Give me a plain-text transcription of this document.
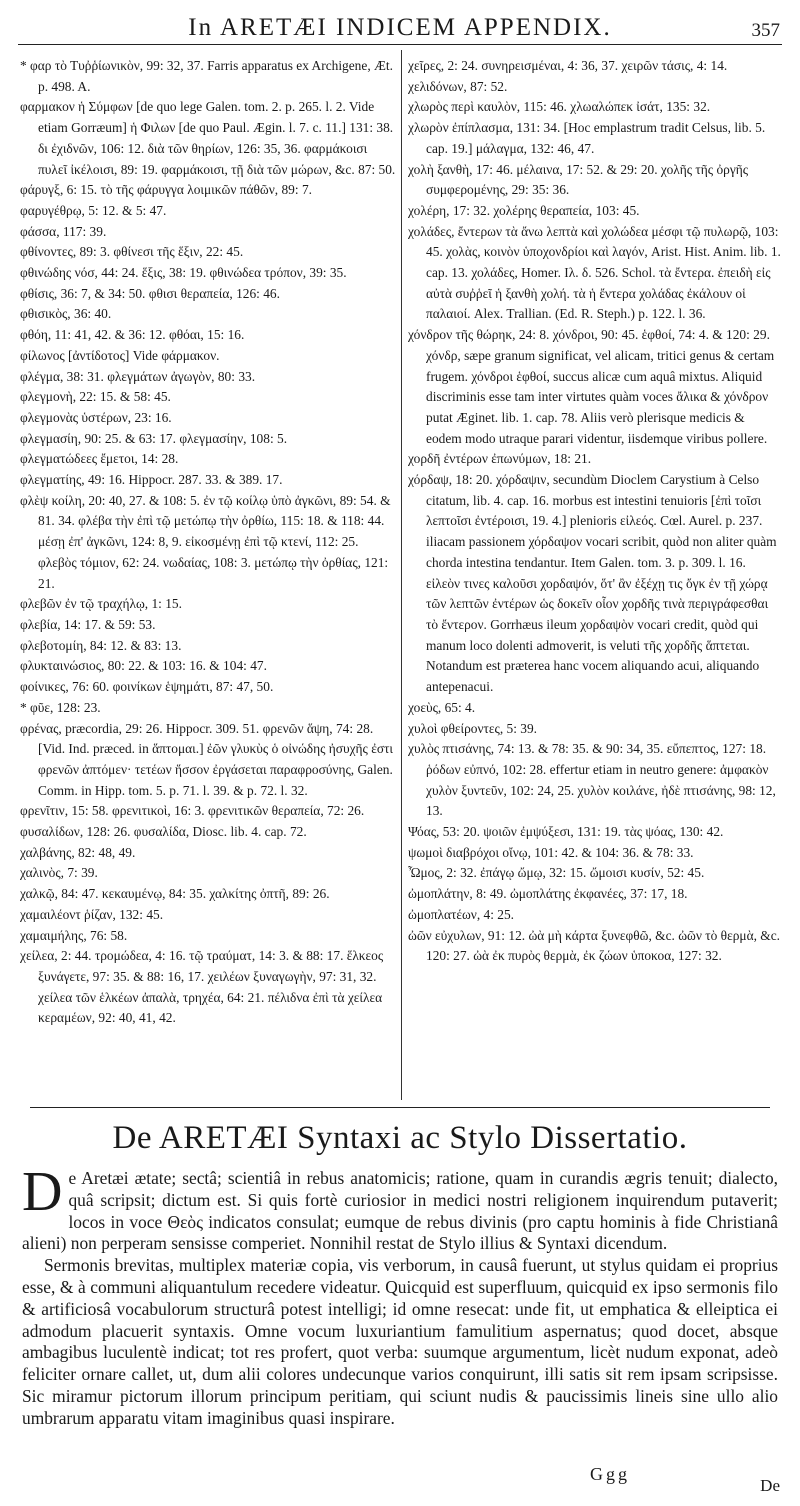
In ARETÆI INDICEM APPENDIX.	357

* φαρ τὸ Τυῤῥίωνικὸν, 99: 32, 37. Farris apparatus ex Archigene, Æt. p. 498. A.

φαρμακον ἡ Σύμφων [de quo lege Galen. tom. 2. p. 265. l. 2. Vide etiam Gorræum] ἡ Φιλων [de quo Paul. Ægin. l. 7. c. 11.] 131: 38. δι ἐχιδνῶν, 106: 12. διὰ τῶν θηρίων, 126: 35, 36. φαρμάκοισι πυλεῖ ἰκέλοισι, 89: 19. φαρμάκοισι, τῇ διὰ τῶν μώρων, &c. 87: 50.

φάρυγξ, 6: 15. τὸ τῆς φάρυγγα λοιμικῶν πάθῶν, 89: 7.

φαρυγέθρῳ, 5: 12. & 5: 47.

φάσσα, 117: 39.

φθίνοντες, 89: 3. φθίνεσι τῆς ἕξιν, 22: 45.

φθινώδης νόσ, 44: 24. ἕξις, 38: 19. φθινώδεα τρόπον, 39: 35.

φθίσις, 36: 7, & 34: 50. φθισι θεραπεία, 126: 46.

φθισικὸς, 36: 40.

φθόη, 11: 41, 42. & 36: 12. φθόαι, 15: 16.

φίλωνος [ἀντίδοτος] Vide φάρμακον.

φλέγμα, 38: 31. φλεγμάτων ἀγωγὸν, 80: 33.

φλεγμονὴ, 22: 15. & 58: 45.

φλεγμονὰς ὑστέρων, 23: 16.

φλεγμασίη, 90: 25. & 63: 17. φλεγμασίην, 108: 5.

φλεγματώδεες ἔμετοι, 14: 28.

φλεγματίης, 49: 16. Hippocr. 287. 33. & 389. 17.

φλὲψ κοίλη, 20: 40, 27. & 108: 5. ἐν τῷ κοίλῳ ὑπὸ ἀγκῶνι, 89: 54. & 81. 34. φλέβα τὴν ἐπὶ τῷ μετώπῳ τὴν ὀρθίω, 115: 18. & 118: 44. μέσῃ ἐπ' ἀγκῶνι, 124: 8, 9. εἰκοσμένῃ ἐπὶ τῷ κτενί, 112: 25. φλεβὸς τόμιον, 62: 24. νωδαίας, 108: 3. μετώπῳ τὴν ὀρθίας, 121: 21.

φλεβῶν ἐν τῷ τραχήλῳ, 1: 15.

φλεβία, 14: 17. & 59: 53.

φλεβοτομίη, 84: 12. & 83: 13.

φλυκταινώσιος, 80: 22. & 103: 16. & 104: 47.

φοίνικες, 76: 60. φοινίκων ἑψημάτι, 87: 47, 50.

* φῦε, 128: 23.

φρένας, præcordia, 29: 26. Hippocr. 309. 51. φρενῶν ἅψη, 74: 28. [Vid. Ind. præced. in ἅπτομαι.] ἐῶν γλυκὺς ὁ οἰνώδης ἠσυχῆς ἐστι φρενῶν ἀπτόμεν· τετέων ἥσσον ἐργάσεται παραφροσύνης, Galen. Comm. in Hipp. tom. 5. p. 71. l. 39. & p. 72. l. 32.

φρενῖτιν, 15: 58. φρενιτικοὶ, 16: 3. φρενιτικῶν θεραπεία, 72: 26.

φυσαλίδων, 128: 26. φυσαλίδα, Diosc. lib. 4. cap. 72.

χαλβάνης, 82: 48, 49.

χαλινὸς, 7: 39.

χαλκῷ, 84: 47. κεκαυμένῳ, 84: 35. χαλκίτης ὀπτῆ, 89: 26.

χαμαιλέοντ ῥίζαν, 132: 45.

χαμαιμήλης, 76: 58.

χείλεα, 2: 44. τρομώδεα, 4: 16. τῷ τραύματ, 14: 3. & 88: 17. ἕλκεος ξυνάγετε, 97: 35. & 88: 16, 17. χειλέων ξυναγωγὴν, 97: 31, 32. χείλεα τῶν ἑλκέων ἀπαλὰ, τρηχέα, 64: 21. πέλιδνα ἐπὶ τὰ χείλεα κεραμέων, 92: 40, 41, 42.

χεῖρες, 2: 24. συνηρεισμέναι, 4: 36, 37. χειρῶν τάσις, 4: 14.

χελιδόνων, 87: 52.

χλωρὸς περὶ καυλὸν, 115: 46. χλωαλώπεκ ἰσάτ, 135: 32.

χλωρὸν ἐπίπλασμα, 131: 34. [Hoc emplastrum tradit Celsus, lib. 5. cap. 19.] μάλαγμα, 132: 46, 47.

χολὴ ξανθὴ, 17: 46. μέλαινα, 17: 52. & 29: 20. χολῆς τῆς ὀργῆς συμφερομένης, 29: 35: 36.

χολέρη, 17: 32. χολέρης θεραπεία, 103: 45.

χολάδες, ἔντερων τὰ ἄνω λεπτὰ καὶ χολώδεα μέσφι τῷ πυλωρῷ, 103: 45. χολὰς, κοινὸν ὑποχονδρίοι καὶ λαγόν, Arist. Hist. Anim. lib. 1. cap. 13. χολάδες, Homer. Ιλ. δ. 526. Schol. τὰ ἔντερα. ἐπειδὴ εἰς αὐτὰ συῤῥεῖ ἡ ξανθὴ χολή. τὰ ἡ ἔντερα χολάδας ἐκάλουν οἱ παλαιοί. Alex. Trallian. (Ed. R. Steph.) p. 122. l. 36.

χόνδρον τῆς θώρηκ, 24: 8. χόνδροι, 90: 45. ἑφθοί, 74: 4. & 120: 29. χόνδρ, sæpe granum significat, vel alicam, tritici genus & certam frugem. χόνδροι ἑφθοί, succus alicæ cum aquâ mixtus. Aliquid discriminis esse tam inter virtutes quàm voces ἄλικα & χόνδρον putat Æginet. lib. 1. cap. 78. Aliis verò plerisque medicis & eodem modo utraque parari videntur, iisdemque viribus pollere.

χορδῆ ἐντέρων ἐπωνύμων, 18: 21.

χόρδαψ, 18: 20. χόρδαψιν, secundùm Dioclem Carystium à Celso citatum, lib. 4. cap. 16. morbus est intestini tenuioris [ἐπὶ τοῖσι λεπτοῖσι ἐντέροισι, 19. 4.] plenioris εἰλεός. Cœl. Aurel. p. 237. iliacam passionem χόρδαψον vocari scribit, quòd non aliter quàm chorda intestina tendantur. Item Galen. tom. 3. p. 309. l. 16. εἰλεὸν τινες καλοῦσι χορδαψόν, ὅτ' ἂν ἐξέχῃ τις ὄγκ ἐν τῇ χώρᾳ τῶν λεπτῶν ἐντέρων ὡς δοκεῖν οἷον χορδῆς τινὰ περιγράφεσθαι τὸ ἔντερον. Gorrhæus ileum χορδαψὸν vocari credit, quòd qui manum loco dolenti admoverit, is veluti τῆς χορδῆς ἅπτεται. Notandum est præterea hanc vocem aliquando acui, aliquando antepenacui.

χοεὺς, 65: 4.

χυλοὶ φθείροντες, 5: 39.

χυλὸς πτισάνης, 74: 13. & 78: 35. & 90: 34, 35. εὔπεπτος, 127: 18. ῥόδων εὐπνό, 102: 28. effertur etiam in neutro genere: ἀμφακὸν χυλὸν ξυντεῦν, 102: 24, 25. χυλὸν κοιλάνε, ἠδὲ πτισάνης, 98: 12, 13.

Ψόας, 53: 20. ψοιῶν ἐμψύξεσι, 131: 19. τὰς ψόας, 130: 42.

ψωμοὶ διαβρόχοι οἴνῳ, 101: 42. & 104: 36. & 78: 33.

Ὦμος, 2: 32. ἐπάγῳ ὤμῳ, 32: 15. ὤμοισι κυσίν, 52: 45.

ὠμοπλάτην, 8: 49. ὠμοπλάτης ἐκφανέες, 37: 17, 18.

ὠμοπλατέων, 4: 25.

ὠῶν εὐχυλων, 91: 12. ὠὰ μὴ κάρτα ξυνεφθῶ, &c. ὠῶν τὸ θερμὰ, &c. 120: 27. ὠὰ ἐκ πυρὸς θερμὰ, ἐκ ζώων ὑποκοα, 127: 32.

De ARETÆI Syntaxi ac Stylo Dissertatio.

De Aretæi ætate; sectâ; scientiâ in rebus anatomicis; ratione, quam in curandis ægris tenuit; dialecto, quâ scripsit; dictum est. Si quis fortè curiosior in medici nostri religionem inquirendum putaverit; locos in voce Θεὸς indicatos consulat; eumque de rebus divinis (pro captu hominis à fide Christianâ alieni) non perperam sensisse comperiet. Nonnihil restat de Stylo illius & Syntaxi dicendum.

Sermonis brevitas, multiplex materiæ copia, vis verborum, in causâ fuerunt, ut stylus quidam ei proprius esse, & à communi aliquantulum recedere videatur. Quicquid est superfluum, quicquid ex ipso sermonis filo & artificiosâ vocabulorum structurâ potest intelligi; id omne resecat: unde fit, ut emphatica & elleiptica ei admodum placuerit syntaxis. Omne vocum luxuriantium famulitium aspernatus; quod docet, absque ambagibus luculentè indicat; tot res profert, quot verba: suumque argumentum, licèt nudum exponat, adeò feliciter ornare callet, ut, dum alii colores undecunque varios conquirunt, illi satis sit rem ipsam scripsisse. Sic miramur pictorum illorum principum peritiam, qui sciunt nudis & paucissimis lineis sine ullo alio umbrarum apparatu vitam imaginibus quasi inspirare.

Ggg
De
